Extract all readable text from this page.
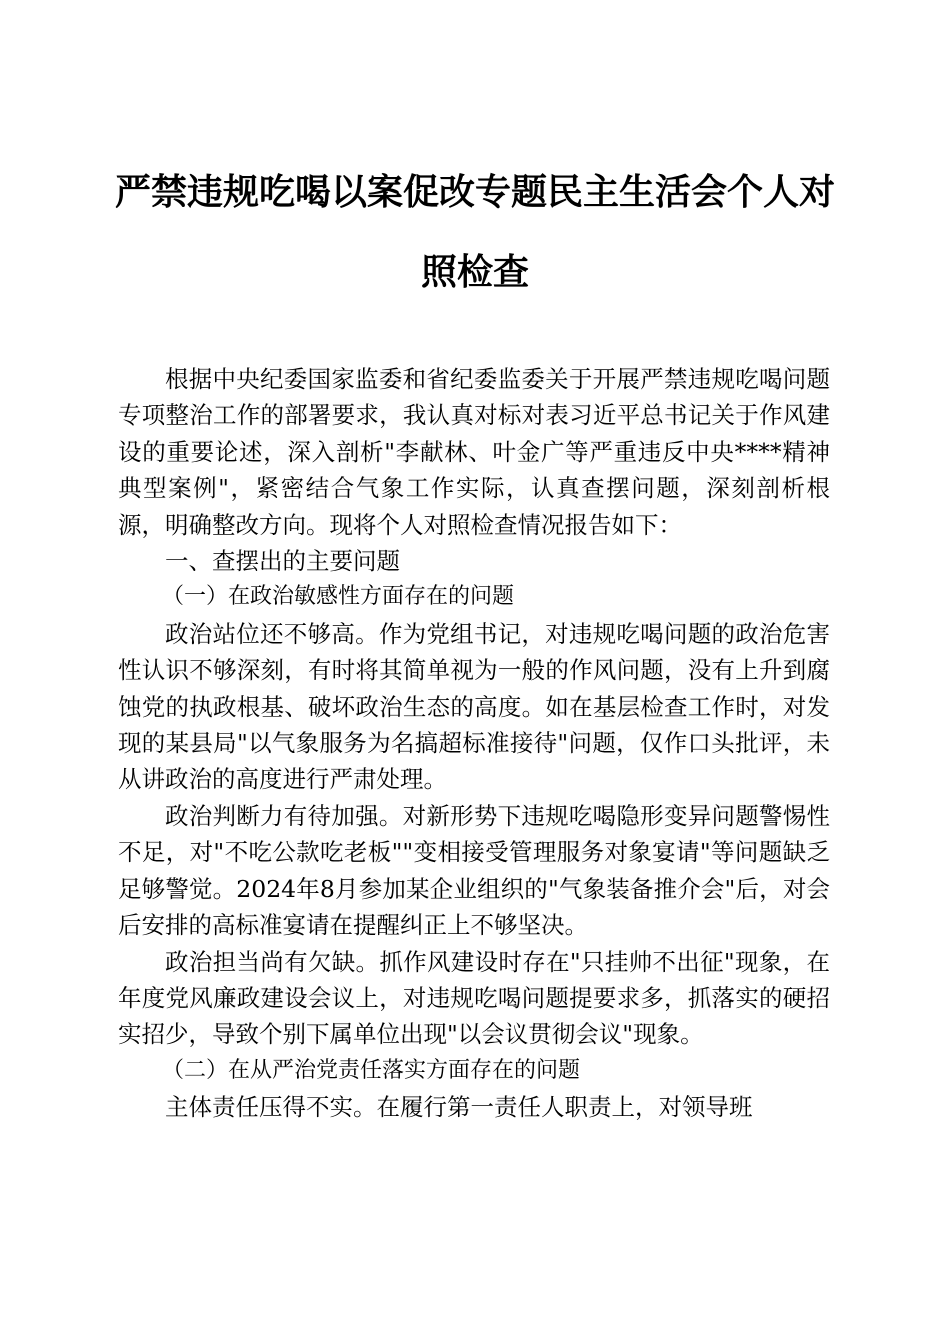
严禁违规吃喝以案促改专题民主生活会个人对照检查

根据中央纪委国家监委和省纪委监委关于开展严禁违规吃喝问题专项整治工作的部署要求，我认真对标对表习近平总书记关于作风建设的重要论述，深入剖析"李献林、叶金广等严重违反中央****精神典型案例"，紧密结合气象工作实际，认真查摆问题，深刻剖析根源，明确整改方向。现将个人对照检查情况报告如下：

一、查摆出的主要问题

（一）在政治敏感性方面存在的问题

政治站位还不够高。作为党组书记，对违规吃喝问题的政治危害性认识不够深刻，有时将其简单视为一般的作风问题，没有上升到腐蚀党的执政根基、破坏政治生态的高度。如在基层检查工作时，对发现的某县局"以气象服务为名搞超标准接待"问题，仅作口头批评，未从讲政治的高度进行严肃处理。

政治判断力有待加强。对新形势下违规吃喝隐形变异问题警惕性不足，对"不吃公款吃老板""变相接受管理服务对象宴请"等问题缺乏足够警觉。2024年8月参加某企业组织的"气象装备推介会"后，对会后安排的高标准宴请在提醒纠正上不够坚决。

政治担当尚有欠缺。抓作风建设时存在"只挂帅不出征"现象，在年度党风廉政建设会议上，对违规吃喝问题提要求多，抓落实的硬招实招少，导致个别下属单位出现"以会议贯彻会议"现象。

（二）在从严治党责任落实方面存在的问题

主体责任压得不实。在履行第一责任人职责上，对领导班
